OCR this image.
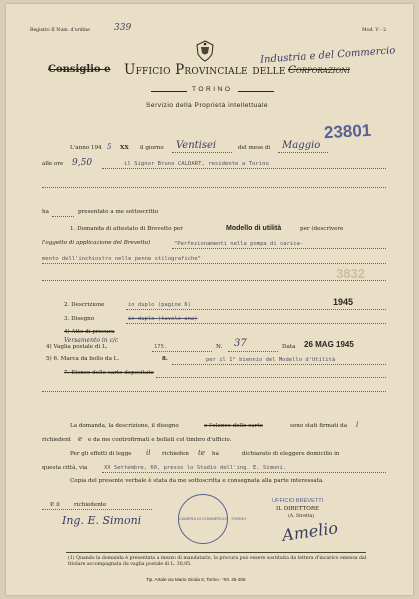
Registro II Num. d'ordine	339	Mod. V - 2
Industria e del Commercio
Consiglio e Ufficio Provinciale delle Corporazioni
TORINO
Servizio della Proprietà intellettuale
23801
L'anno 194 5 XX il giorno Ventisei	del mese di Maggio
alle ore 9,50	il Signor Bruno CALDART, residente a Torino
ha	presentato a me sottoscritto
1. Domanda di attestato di Brevetto per	Modello di utilità	per (descrivere
l'oggetto di applicazione del Brevetto)	"Perfezionamenti nella pompa di carica-
mento dell'inchiostro nelle penne stilografiche"
3832
2. Descrizione	in duplo (pagine 6)	1945
3. Disegno	in duplo (tavole una)
4) Atto di procura
Versamento in c/c
4) Vaglia postale di L.	175.	N. 37	Data 26 MAG 1945
5) 6. Marca da bollo da L.	8.	per il 1° biennio del Modello d'Utilità
7. Elenco delle carte depositate
La domanda, la descrizione, il disegno	e l'elenco delle carte	sono stati firmati da l
richiedent e e da me controfirmati e bollati col timbro d'ufficio.
Per gli effetti di legge il richieden te ha	dichiarato di eleggere domicilio in
questa città, via	XX Settembre, 60, presso lo Studio dell'ing. E. Simoni.
Copia del presente verbale è stata da me sottoscritta e consegnata alla parte interessata.
P. il	richiedente
Ing. E. Simoni	CAMERA DI COMMERCIO · TORINO
UFFICIO BREVETTI
IL DIRETTORE
(A. Stretta)
Amelio
(1) Quando la domanda è presentata a mezzo di mandatario, la procura può essere sostituita da lettera d'incarico emessa dal titolare accompagnata da vaglia postale di L. 30,05.
Tip. Artale via Mario Gioda 8, Torino - Tel. 45-306
